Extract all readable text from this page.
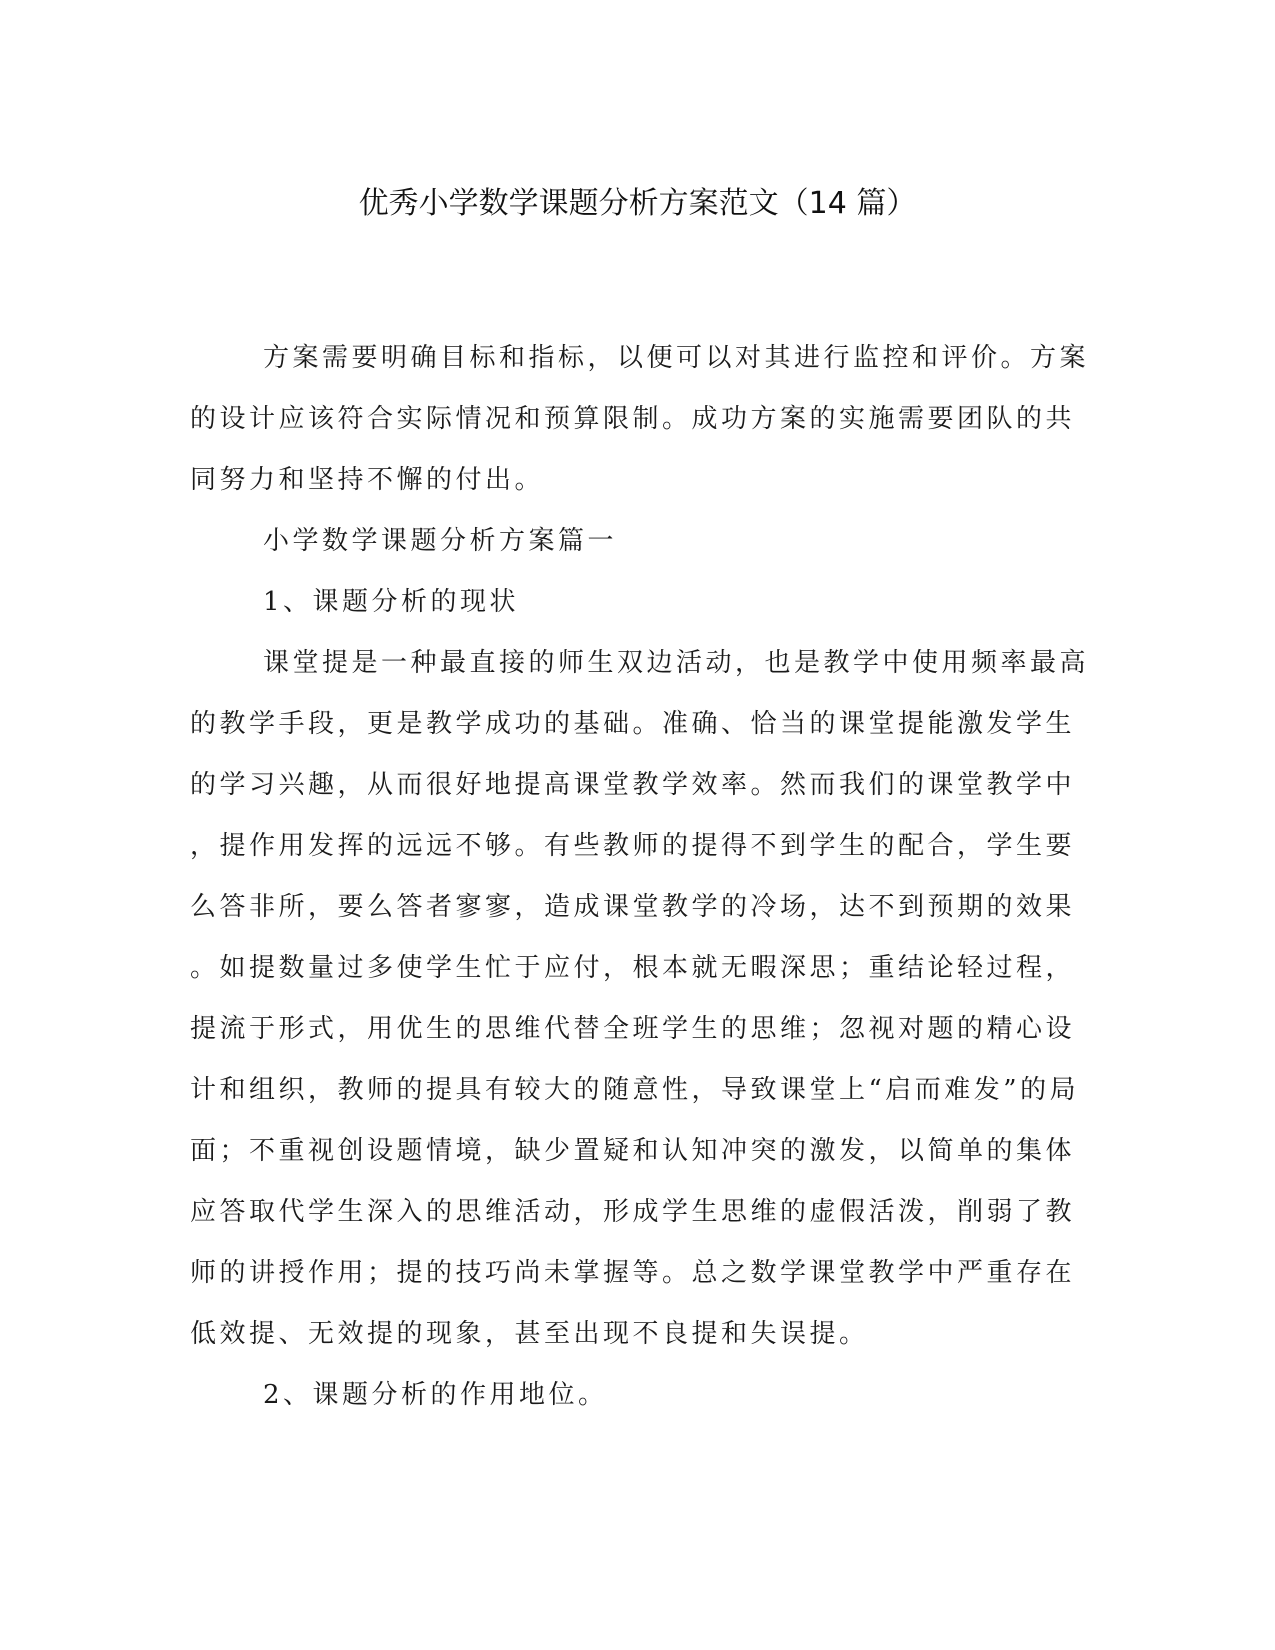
优秀小学数学课题分析方案范文（14 篇）

方案需要明确目标和指标，以便可以对其进行监控和评价。方案

的设计应该符合实际情况和预算限制。成功方案的实施需要团队的共

同努力和坚持不懈的付出。

小学数学课题分析方案篇一

1、课题分析的现状

课堂提是一种最直接的师生双边活动，也是教学中使用频率最高

的教学手段，更是教学成功的基础。准确、恰当的课堂提能激发学生

的学习兴趣，从而很好地提高课堂教学效率。然而我们的课堂教学中

，提作用发挥的远远不够。有些教师的提得不到学生的配合，学生要

么答非所，要么答者寥寥，造成课堂教学的冷场，达不到预期的效果

。如提数量过多使学生忙于应付，根本就无暇深思；重结论轻过程，

提流于形式，用优生的思维代替全班学生的思维；忽视对题的精心设

计和组织，教师的提具有较大的随意性，导致课堂上“启而难发”的局

面；不重视创设题情境，缺少置疑和认知冲突的激发，以简单的集体

应答取代学生深入的思维活动，形成学生思维的虚假活泼，削弱了教

师的讲授作用；提的技巧尚未掌握等。总之数学课堂教学中严重存在

低效提、无效提的现象，甚至出现不良提和失误提。

2、课题分析的作用地位。
